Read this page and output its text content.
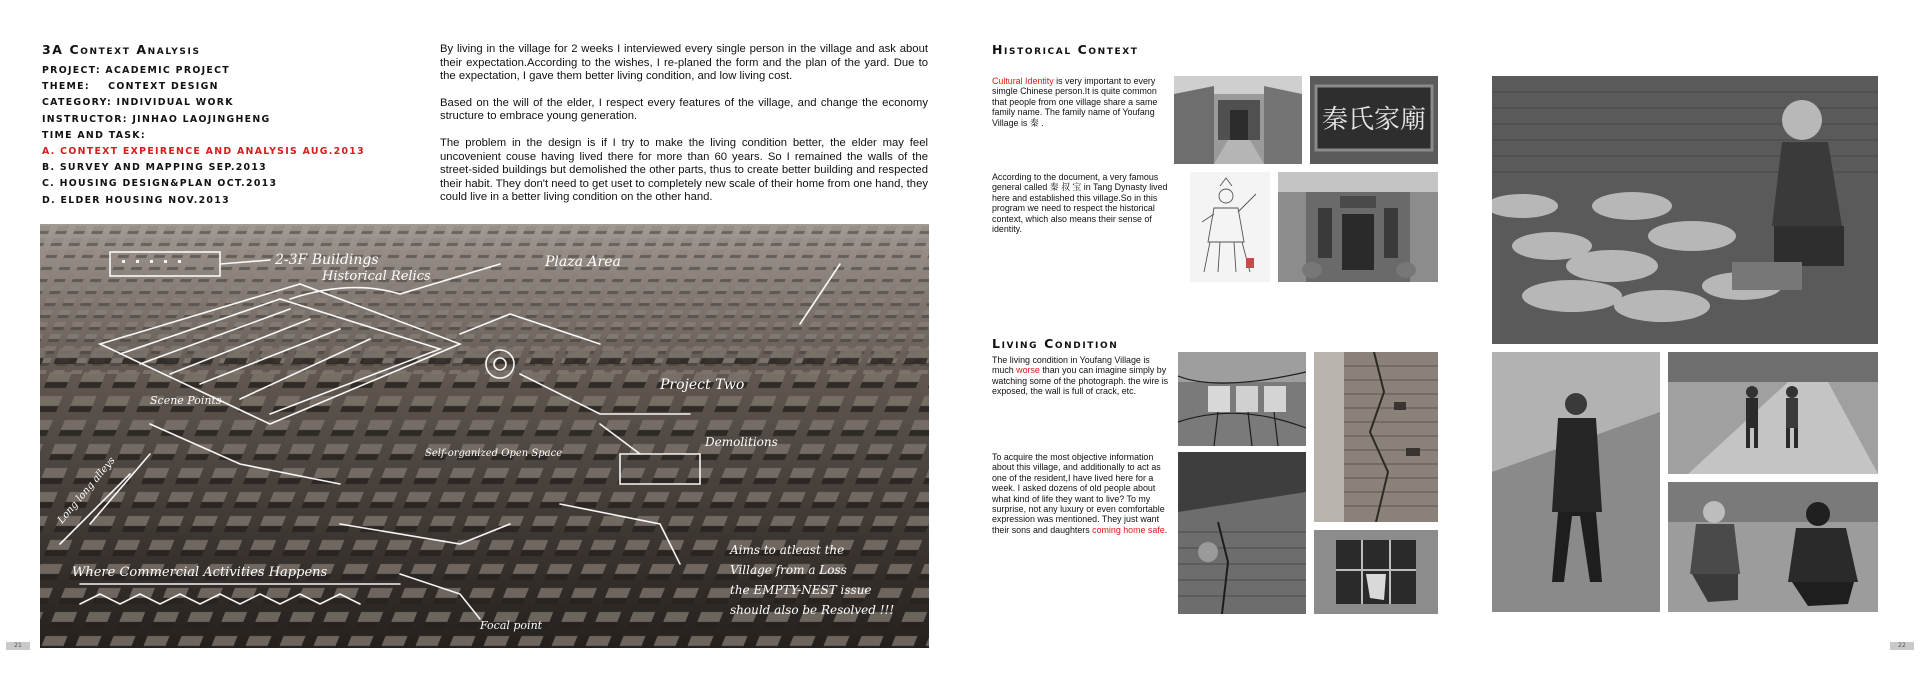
3A Context Analysis
PROJECT: ACADEMIC PROJECT
THEME:    CONTEXT DESIGN
CATEGORY: INDIVIDUAL WORK
INSTRUCTOR: JINHAO LAOJINGHENG
TIME AND TASK:
A. CONTEXT EXPEIRENCE AND ANALYSIS AUG.2013
B. SURVEY AND MAPPING SEP.2013
C. HOUSING DESIGN&PLAN OCT.2013
D. ELDER HOUSING NOV.2013

By living in the village for 2 weeks I interviewed every single person in the village and ask about their expectation.According to the wishes, I re-planed the form and the plan of the yard. Due to the expectation, I gave them better living condition, and low living cost.

Based on the will of the elder, I respect every features of the village, and change the economy structure to embrace young generation.

The problem in the design is if I try to make the living condition better, the elder may feel uncovenient couse having lived there for more than 60 years. So I remained the walls of the street-sided buildings but demolished the other parts, thus to create better building and respected their habit. They don't need to get uset to completely new scale of their home from one hand, they could live in a better living condition on the other hand.

2-3F Buildings
Historical Relics
Plaza Area
Project Two
Demolitions
Where Commercial Activities Happens
Self-organized Open Space
Aims to atleast the
Village from a Loss
the EMPTY-NEST issue
should also be Resolved !!!
Focal point
Long long alleys
Scene Points
21
Historical Context
Cultural Identity is very important to every simgle Chinese person.It is quite common that people from one village share a same family name. The family name of Youfang Village is 秦 .
According to the document, a very famous general called 秦 叔 宝 in Tang Dynasty lived here and established this village.So in this program we need to respect the historical context, which also means their sense of identity.
秦氏家廟
Living Condition
The living condition in Youfang Village is much worse than you can imagine simply by watching some of the photograph. the wire is exposed, the wall is full of crack, etc.
To acquire the most objective information about this village, and additionally to act as one of the resident,I have lived here for a week. I asked dozens of old people about what kind of life they want to live? To my surprise, not any luxury or even comfortable expression was mentioned. They just want their sons and daughters coming home safe.
22
